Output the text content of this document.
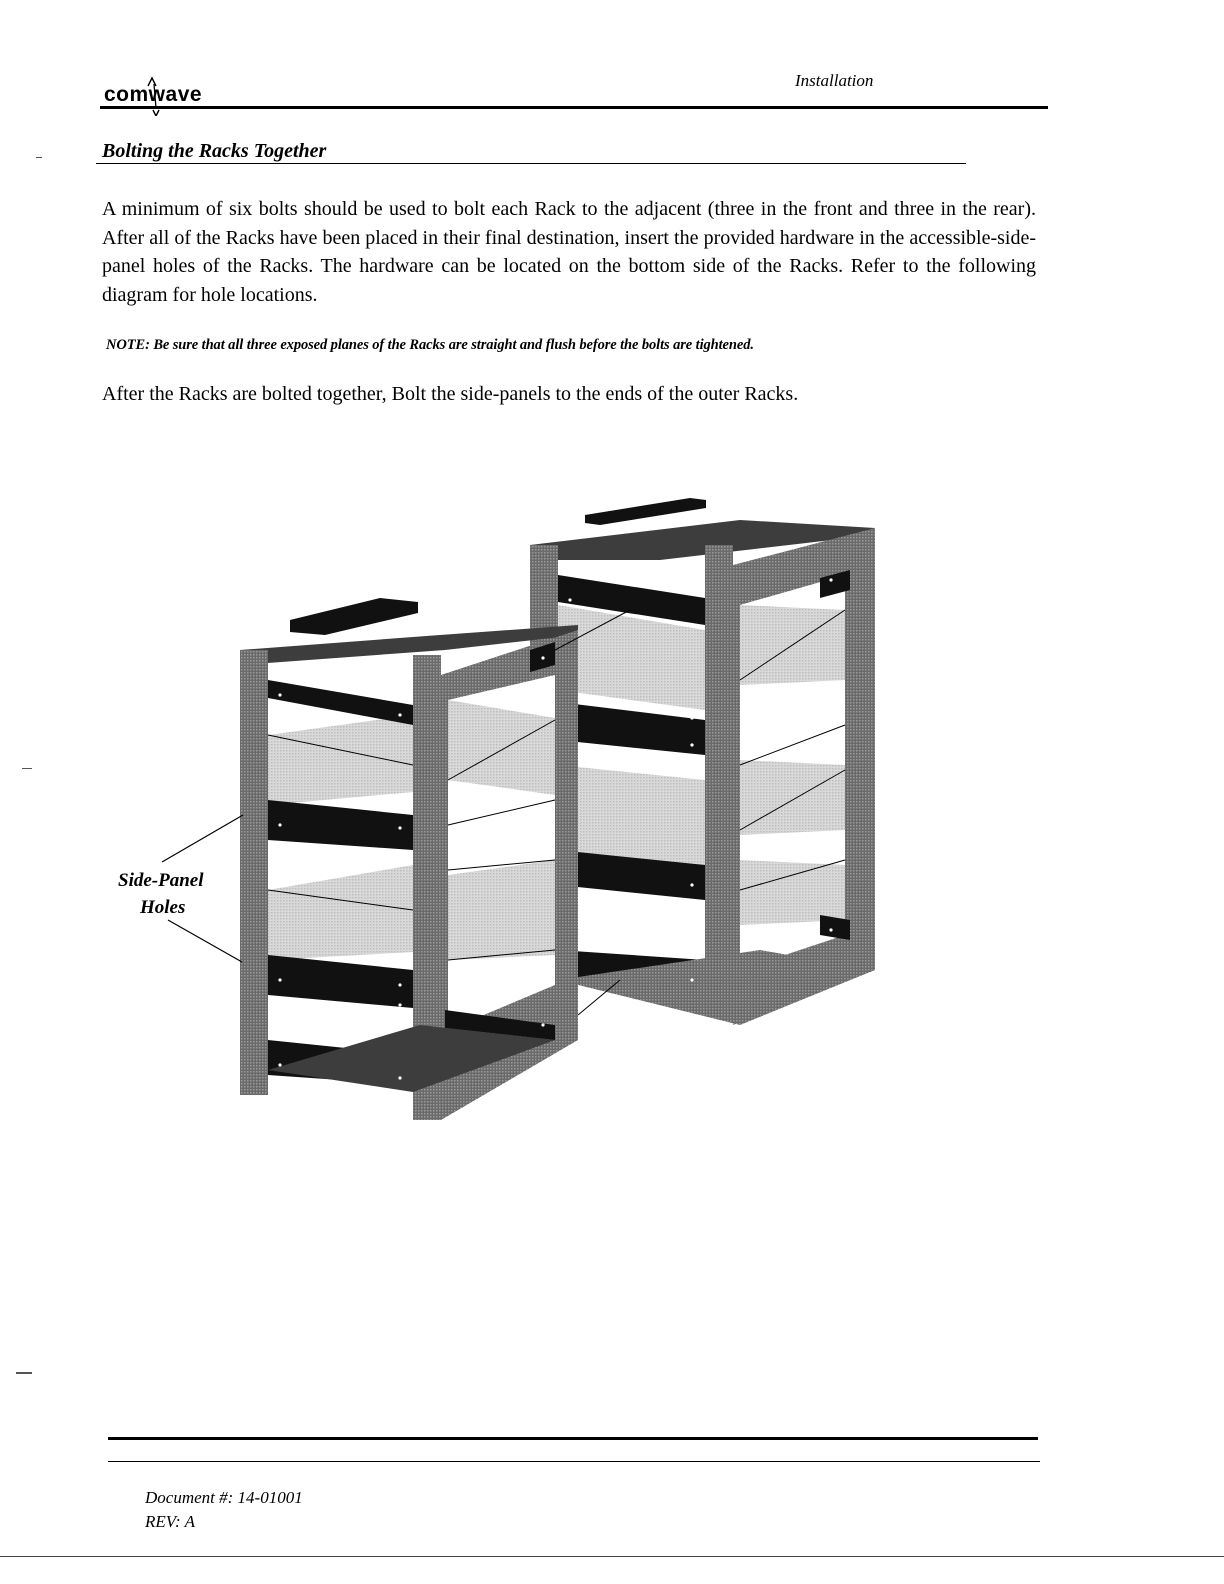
comwave
Installation
Bolting the Racks Together
A minimum of six bolts should be used to bolt each Rack to the adjacent (three in the front and three in the rear). After all of the Racks have been placed in their final destination, insert the provided hardware in the accessible-side-panel holes of the Racks. The hardware can be located on the bottom side of the Racks. Refer to the following diagram for hole locations.
NOTE: Be sure that all three exposed planes of the Racks are straight and flush before the bolts are tightened.
After the Racks are bolted together, Bolt the side-panels to the ends of the outer Racks.
Side-Panel
Holes
Document #: 14-01001
REV: A
